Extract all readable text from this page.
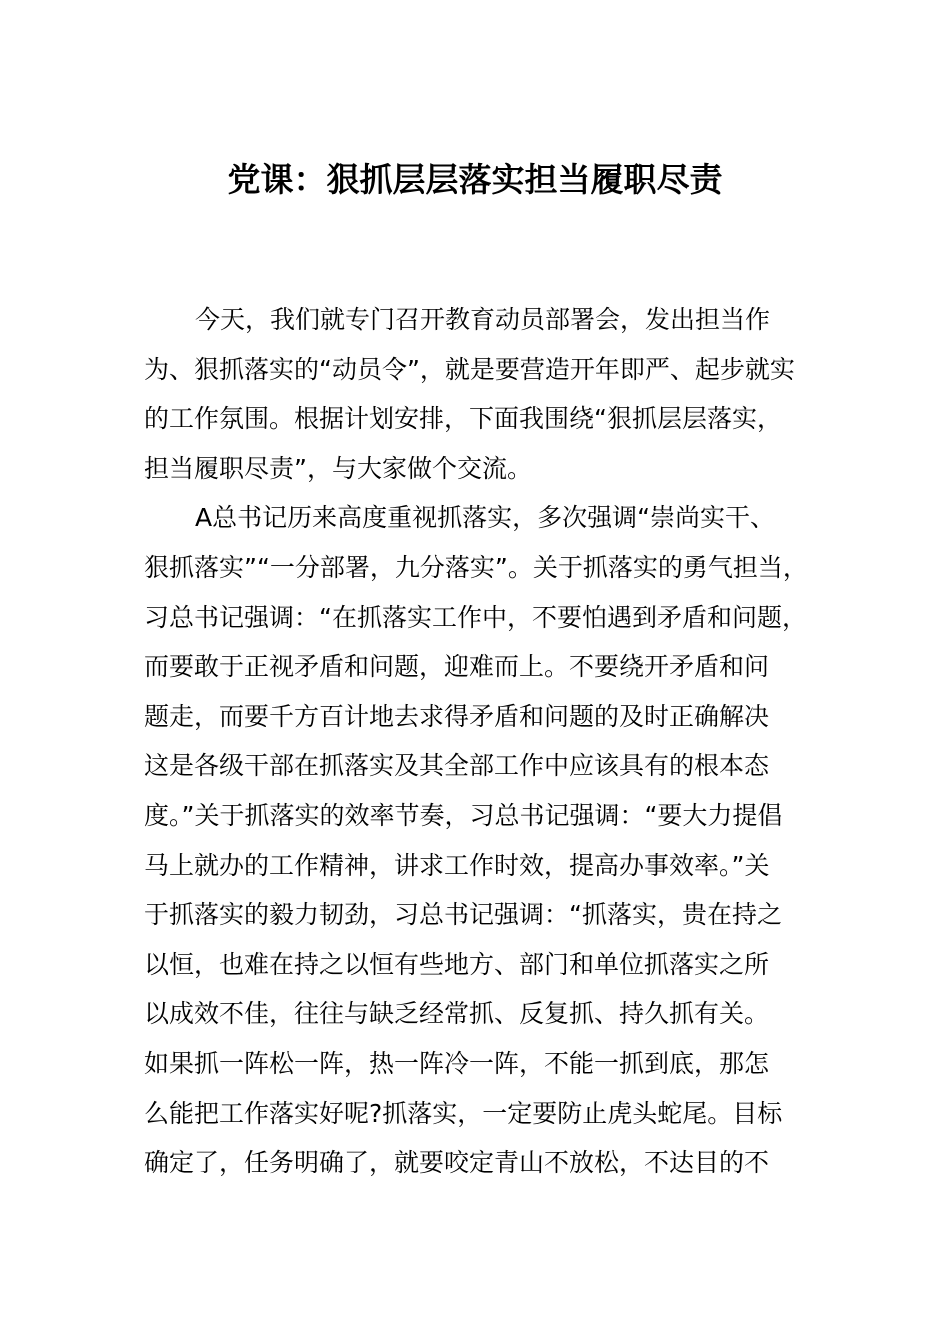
党课：狠抓层层落实担当履职尽责
今天，我们就专门召开教育动员部署会，发出担当作
为、狠抓落实的“动员令”，就是要营造开年即严、起步就实
的工作氛围。根据计划安排，下面我围绕“狠抓层层落实，
担当履职尽责”，与大家做个交流。
A总书记历来高度重视抓落实，多次强调“崇尚实干、
狠抓落实”“一分部署，九分落实”。关于抓落实的勇气担当，
习总书记强调：“在抓落实工作中，不要怕遇到矛盾和问题，
而要敢于正视矛盾和问题，迎难而上。不要绕开矛盾和问
题走，而要千方百计地去求得矛盾和问题的及时正确解决
这是各级干部在抓落实及其全部工作中应该具有的根本态
度。”关于抓落实的效率节奏，习总书记强调：“要大力提倡
马上就办的工作精神，讲求工作时效，提高办事效率。”关
于抓落实的毅力韧劲，习总书记强调：“抓落实，贵在持之
以恒，也难在持之以恒有些地方、部门和单位抓落实之所
以成效不佳，往往与缺乏经常抓、反复抓、持久抓有关。
如果抓一阵松一阵，热一阵冷一阵，不能一抓到底，那怎
么能把工作落实好呢?抓落实，一定要防止虎头蛇尾。目标
确定了，任务明确了，就要咬定青山不放松，不达目的不
